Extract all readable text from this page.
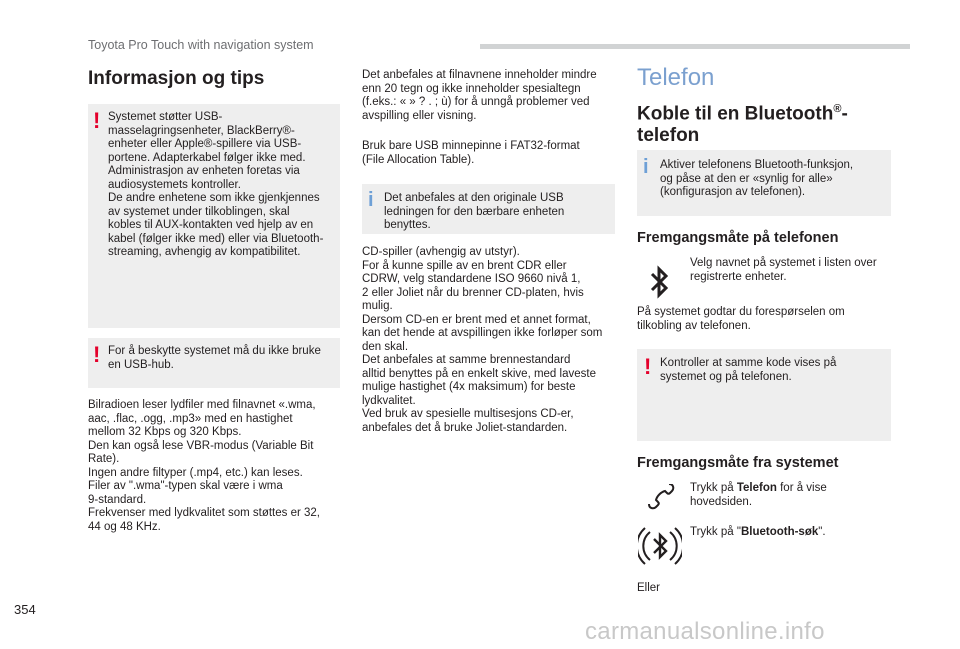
Toyota Pro Touch with navigation system
Informasjon og tips
! Systemet støtter USB-
masselagringsenheter, BlackBerry®-
enheter eller Apple®-spillere via USB-
portene. Adapterkabel følger ikke med.
Administrasjon av enheten foretas via
audiosystemets kontroller.
De andre enhetene som ikke gjenkjennes
av systemet under tilkoblingen, skal
kobles til AUX-kontakten ved hjelp av en
kabel (følger ikke med) eller via Bluetooth-
streaming, avhengig av kompatibilitet.
! For å beskytte systemet må du ikke bruke
en USB-hub.
Bilradioen leser lydfiler med filnavnet «.wma,
aac, .flac, .ogg, .mp3» med en hastighet
mellom 32 Kbps og 320 Kbps.
Den kan også lese VBR-modus (Variable Bit
Rate).
Ingen andre filtyper (.mp4, etc.) kan leses.
Filer av ".wma"-typen skal være i wma
9-standard.
Frekvenser med lydkvalitet som støttes er 32,
44 og 48 KHz.
Det anbefales at filnavnene inneholder mindre
enn 20 tegn og ikke inneholder spesialtegn
(f.eks.: « » ? . ; ù) for å unngå problemer ved
avspilling eller visning.
Bruk bare USB minnepinne i FAT32-format
(File Allocation Table).
i Det anbefales at den originale USB
ledningen for den bærbare enheten
benyttes.
CD-spiller (avhengig av utstyr).
For å kunne spille av en brent CDR eller
CDRW, velg standardene ISO 9660 nivå 1,
2 eller Joliet når du brenner CD-platen, hvis
mulig.
Dersom CD-en er brent med et annet format,
kan det hende at avspillingen ikke forløper som
den skal.
Det anbefales at samme brennestandard
alltid benyttes på en enkelt skive, med laveste
mulige hastighet (4x maksimum) for beste
lydkvalitet.
Ved bruk av spesielle multisesjons CD-er,
anbefales det å bruke Joliet-standarden.
Telefon
Koble til en Bluetooth®-
telefon
i Aktiver telefonens Bluetooth-funksjon,
og påse at den er «synlig for alle»
(konfigurasjon av telefonen).
Fremgangsmåte på telefonen
Velg navnet på systemet i listen over
registrerte enheter.
På systemet godtar du forespørselen om
tilkobling av telefonen.
! Kontroller at samme kode vises på
systemet og på telefonen.
Fremgangsmåte fra systemet
Trykk på Telefon for å vise
hovedsiden.
Trykk på "Bluetooth-søk".
Eller
354
carmanualsonline.info
